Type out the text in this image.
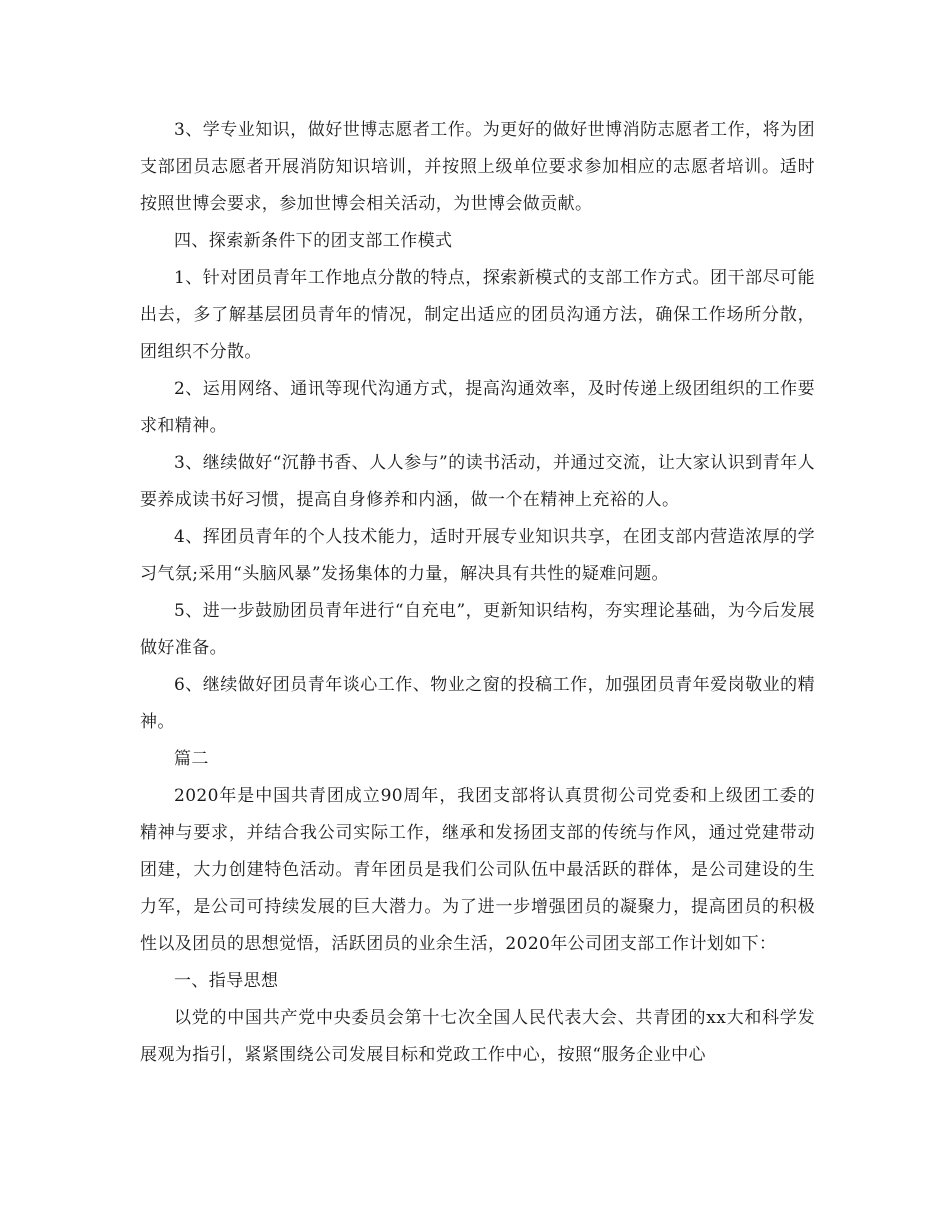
3、学专业知识，做好世博志愿者工作。为更好的做好世博消防志愿者工作，将为团支部团员志愿者开展消防知识培训，并按照上级单位要求参加相应的志愿者培训。适时按照世博会要求，参加世博会相关活动，为世博会做贡献。

四、探索新条件下的团支部工作模式

1、针对团员青年工作地点分散的特点，探索新模式的支部工作方式。团干部尽可能出去，多了解基层团员青年的情况，制定出适应的团员沟通方法，确保工作场所分散，团组织不分散。

2、运用网络、通讯等现代沟通方式，提高沟通效率，及时传递上级团组织的工作要求和精神。

3、继续做好“沉静书香、人人参与”的读书活动，并通过交流，让大家认识到青年人要养成读书好习惯，提高自身修养和内涵，做一个在精神上充裕的人。

4、挥团员青年的个人技术能力，适时开展专业知识共享，在团支部内营造浓厚的学习气氛;采用“头脑风暴”发扬集体的力量，解决具有共性的疑难问题。

5、进一步鼓励团员青年进行“自充电”，更新知识结构，夯实理论基础，为今后发展做好准备。

6、继续做好团员青年谈心工作、物业之窗的投稿工作，加强团员青年爱岗敬业的精神。

篇二

2020年是中国共青团成立90周年，我团支部将认真贯彻公司党委和上级团工委的精神与要求，并结合我公司实际工作，继承和发扬团支部的传统与作风，通过党建带动团建，大力创建特色活动。青年团员是我们公司队伍中最活跃的群体，是公司建设的生力军，是公司可持续发展的巨大潜力。为了进一步增强团员的凝聚力，提高团员的积极性以及团员的思想觉悟，活跃团员的业余生活，2020年公司团支部工作计划如下：

一、指导思想

以党的中国共产党中央委员会第十七次全国人民代表大会、共青团的xx大和科学发展观为指引，紧紧围绕公司发展目标和党政工作中心，按照“服务企业中心
